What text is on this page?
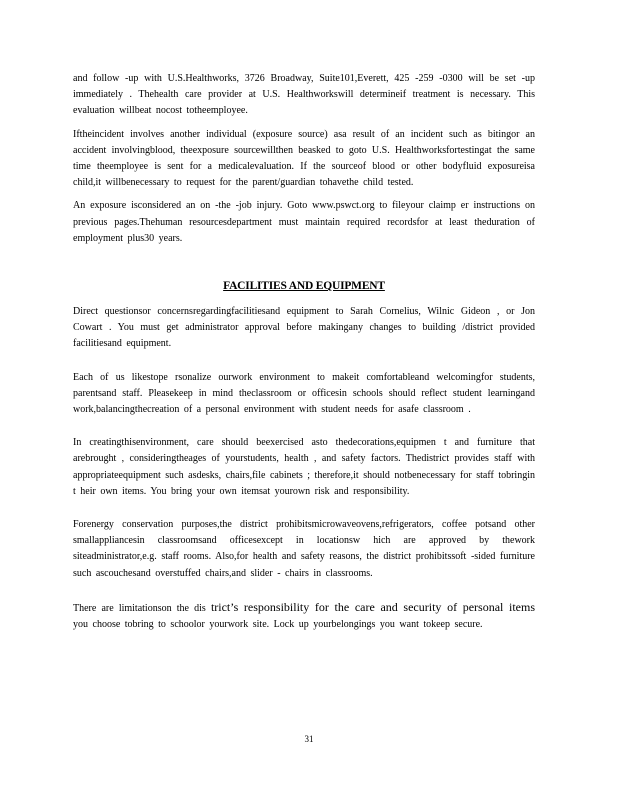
and follow -up with U.S.Healthworks, 3726 Broadway, Suite101,Everett, 425 -259 -0300 will be set -up immediately . Thehealth care provider at U.S. Healthworkswill determineif treatment is necessary. This evaluation willbeat nocost totheemployee.

Iftheincident involves another individual (exposure source) asa result of an incident such as bitingor an accident involvingblood, theexposure sourcewillthen beasked to goto U.S. Healthworksfortestingat the same time theemployee is sent for a medicalevaluation. If the sourceof blood or other bodyfluid exposureisa child,it willbenecessary to request for the parent/guardian tohavethe child tested.

An exposure isconsidered an on -the -job injury. Goto www.pswct.org to fileyour claimp er instructions on previous pages.Thehuman resourcesdepartment must maintain required recordsfor at least theduration of employment plus30 years.

FACILITIES AND EQUIPMENT

Direct questionsor concernsregardingfacilitiesand equipment to Sarah Cornelius, Wilnic Gideon , or Jon Cowart . You must get administrator approval before makingany changes to building /district provided facilitiesand equipment.

Each of us likestope rsonalize ourwork environment to makeit comfortableand welcomingfor students, parentsand staff. Pleasekeep in mind theclassroom or officesin schools should reflect student learningand work,balancingthecreation of a personal environment with student needs for asafe classroom .

In creatingthisenvironment, care should beexercised asto thedecorations,equipmen t and furniture that arebrought , consideringtheages of yourstudents, health , and safety factors. Thedistrict provides staff with appropriateequipment such asdesks, chairs,file cabinets ; therefore,it should notbenecessary for staff tobringin t heir own items. You bring your own itemsat yourown risk and responsibility.

Forenergy conservation purposes,the district prohibitsmicrowaveovens,refrigerators, coffee potsand other smallappliancesin classroomsand officesexcept in locationsw hich are approved by thework siteadministrator,e.g. staff rooms. Also,for health and safety reasons, the district prohibitssoft -sided furniture such ascouchesand overstuffed chairs,and slider - chairs in classrooms.

There are limitationson the dis trict’s responsibility for the care and security of personal items you choose tobring to schoolor yourwork site. Lock up yourbelongings you want tokeep secure.

31
